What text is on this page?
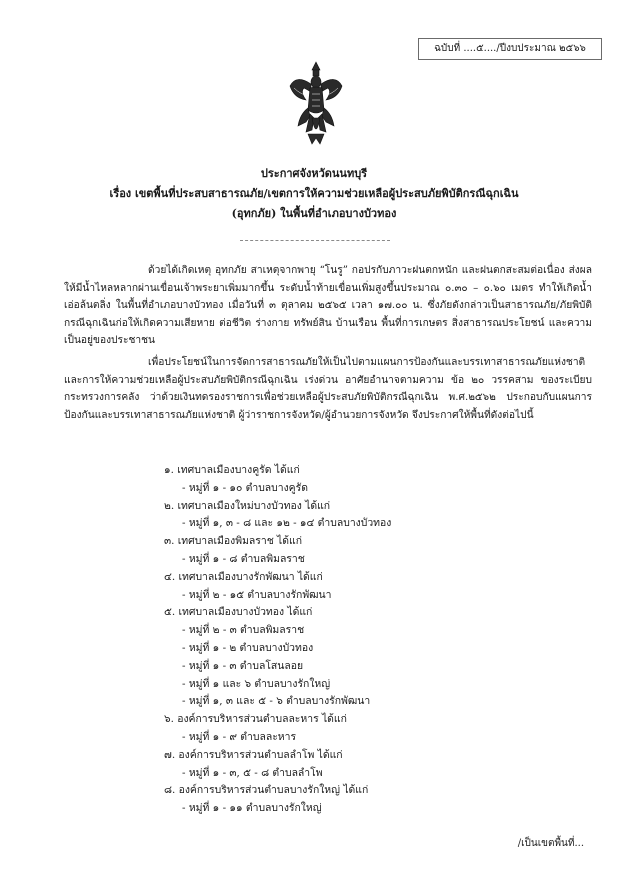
ฉบับที่ ....๕..../ปีงบประมาณ ๒๕๖๖
ประกาศจังหวัดนนทบุรี
เรื่อง เขตพื้นที่ประสบสาธารณภัย/เขตการให้ความช่วยเหลือผู้ประสบภัยพิบัติกรณีฉุกเฉิน
(อุทกภัย) ในพื้นที่อำเภอบางบัวทอง

ด้วยได้เกิดเหตุ อุทกภัย สาเหตุจากพายุ “โนรู” กอปรกับภาวะฝนตกหนัก และฝนตกสะสมต่อเนื่อง ส่งผลให้มีน้ำไหลหลากผ่านเขื่อนเจ้าพระยาเพิ่มมากขึ้น ระดับน้ำท้ายเขื่อนเพิ่มสูงขึ้นประมาณ ๐.๓๐ – ๐.๖๐ เมตร ทำให้เกิดน้ำเอ่อล้นตลิ่ง ในพื้นที่อำเภอบางบัวทอง เมื่อวันที่ ๓ ตุลาคม ๒๕๖๕ เวลา ๑๗.๐๐ น. ซึ่งภัยดังกล่าวเป็นสาธารณภัย/ภัยพิบัติกรณีฉุกเฉินก่อให้เกิดความเสียหาย ต่อชีวิต ร่างกาย ทรัพย์สิน บ้านเรือน พื้นที่การเกษตร สิ่งสาธารณประโยชน์ และความเป็นอยู่ของประชาชน

เพื่อประโยชน์ในการจัดการสาธารณภัยให้เป็นไปตามแผนการป้องกันและบรรเทาสาธารณภัยแห่งชาติ และการให้ความช่วยเหลือผู้ประสบภัยพิบัติกรณีฉุกเฉิน เร่งด่วน อาศัยอำนาจตามความ ข้อ ๒๐ วรรคสาม ของระเบียบกระทรวงการคลัง ว่าด้วยเงินทดรองราชการเพื่อช่วยเหลือผู้ประสบภัยพิบัติกรณีฉุกเฉิน พ.ศ.๒๕๖๒ ประกอบกับแผนการป้องกันและบรรเทาสาธารณภัยแห่งชาติ ผู้ว่าราชการจังหวัด/ผู้อำนวยการจังหวัด จึงประกาศให้พื้นที่ดังต่อไปนี้

๑. เทศบาลเมืองบางคูรัด ได้แก่
- หมู่ที่ ๑ - ๑๐ ตำบลบางคูรัด
๒. เทศบาลเมืองใหม่บางบัวทอง ได้แก่
- หมู่ที่ ๑, ๓ - ๘ และ ๑๒ - ๑๔ ตำบลบางบัวทอง
๓. เทศบาลเมืองพิมลราช ได้แก่
- หมู่ที่ ๑ - ๘ ตำบลพิมลราช
๔. เทศบาลเมืองบางรักพัฒนา ได้แก่
- หมู่ที่ ๒ - ๑๕ ตำบลบางรักพัฒนา
๕. เทศบาลเมืองบางบัวทอง ได้แก่
- หมู่ที่ ๒ - ๓ ตำบลพิมลราช
- หมู่ที่ ๑ - ๒ ตำบลบางบัวทอง
- หมู่ที่ ๑ - ๓ ตำบลโสนลอย
- หมู่ที่ ๑ และ ๖ ตำบลบางรักใหญ่
- หมู่ที่ ๑, ๓ และ ๕ - ๖ ตำบลบางรักพัฒนา
๖. องค์การบริหารส่วนตำบลละหาร ได้แก่
- หมู่ที่ ๑ - ๙ ตำบลละหาร
๗. องค์การบริหารส่วนตำบลลำโพ ได้แก่
- หมู่ที่ ๑ - ๓, ๕ - ๘ ตำบลลำโพ
๘. องค์การบริหารส่วนตำบลบางรักใหญ่ ได้แก่
- หมู่ที่ ๑ - ๑๑ ตำบลบางรักใหญ่
/เป็นเขตพื้นที่...
